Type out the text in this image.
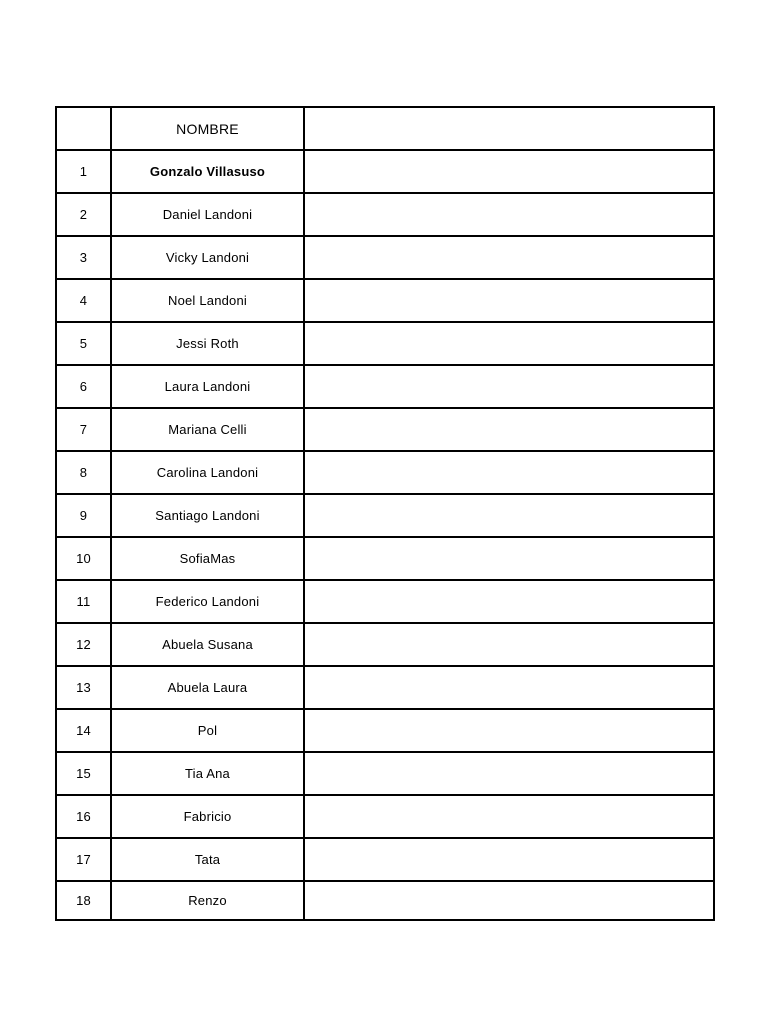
	NOMBRE	
1	Gonzalo Villasuso	
2	Daniel Landoni	
3	Vicky Landoni	
4	Noel Landoni	
5	Jessi Roth	
6	Laura Landoni	
7	Mariana Celli	
8	Carolina Landoni	
9	Santiago Landoni	
10	SofiaMas	
11	Federico Landoni	
12	Abuela Susana	
13	Abuela Laura	
14	Pol	
15	Tia Ana	
16	Fabricio	
17	Tata	
18	Renzo	
